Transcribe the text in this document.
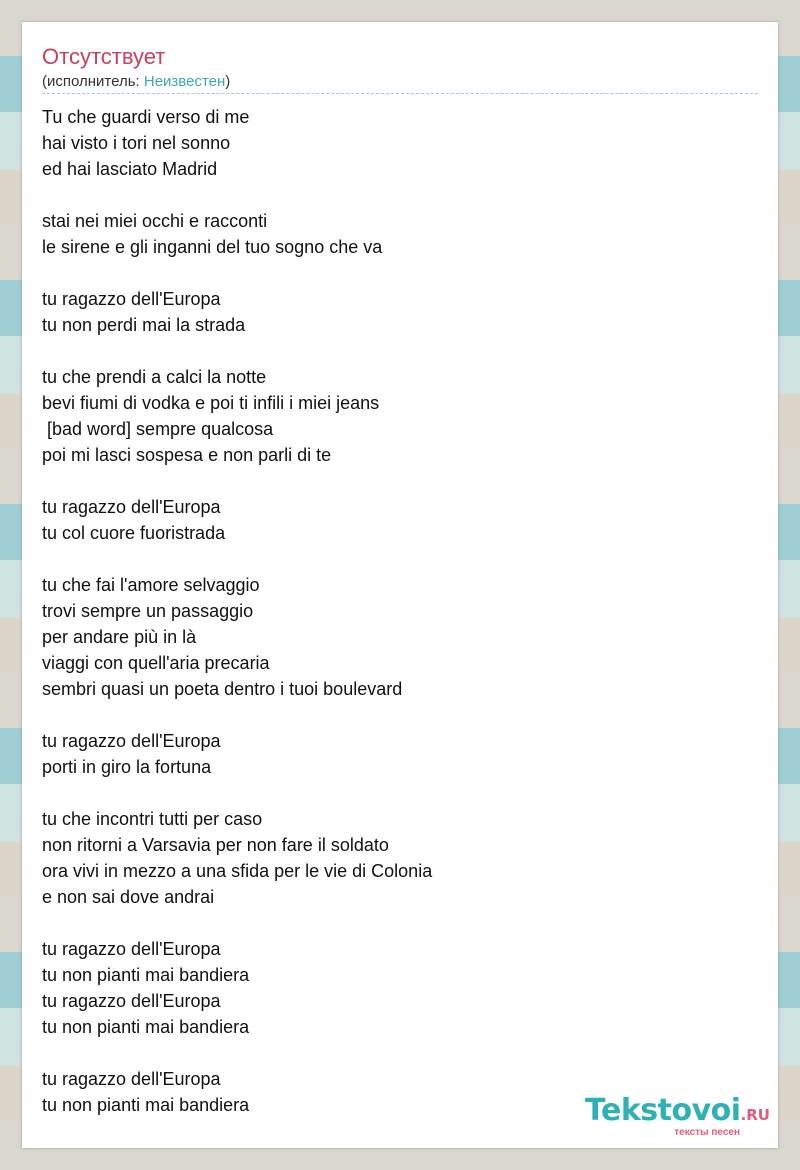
Отсутствует
(исполнитель: Неизвестен)
Tu che guardi verso di me
hai visto i tori nel sonno
ed hai lasciato Madrid
stai nei miei occhi e racconti
le sirene e gli inganni del tuo sogno che va
tu ragazzo dell'Europa
tu non perdi mai la strada
tu che prendi a calci la notte
bevi fiumi di vodka e poi ti infili i miei jeans
[bad word] sempre qualcosa
poi mi lasci sospesa e non parli di te
tu ragazzo dell'Europa
tu col cuore fuoristrada
tu che fai l'amore selvaggio
trovi sempre un passaggio
per andare più in là
viaggi con quell'aria precaria
sembri quasi un poeta dentro i tuoi boulevard
tu ragazzo dell'Europa
porti in giro la fortuna
tu che incontri tutti per caso
non ritorni a Varsavia per non fare il soldato
ora vivi in mezzo a una sfida per le vie di Colonia
e non sai dove andrai
tu ragazzo dell'Europa
tu non pianti mai bandiera
tu ragazzo dell'Europa
tu non pianti mai bandiera
tu ragazzo dell'Europa
tu non pianti mai bandiera	Tekstovoi.RU
тексты песен
